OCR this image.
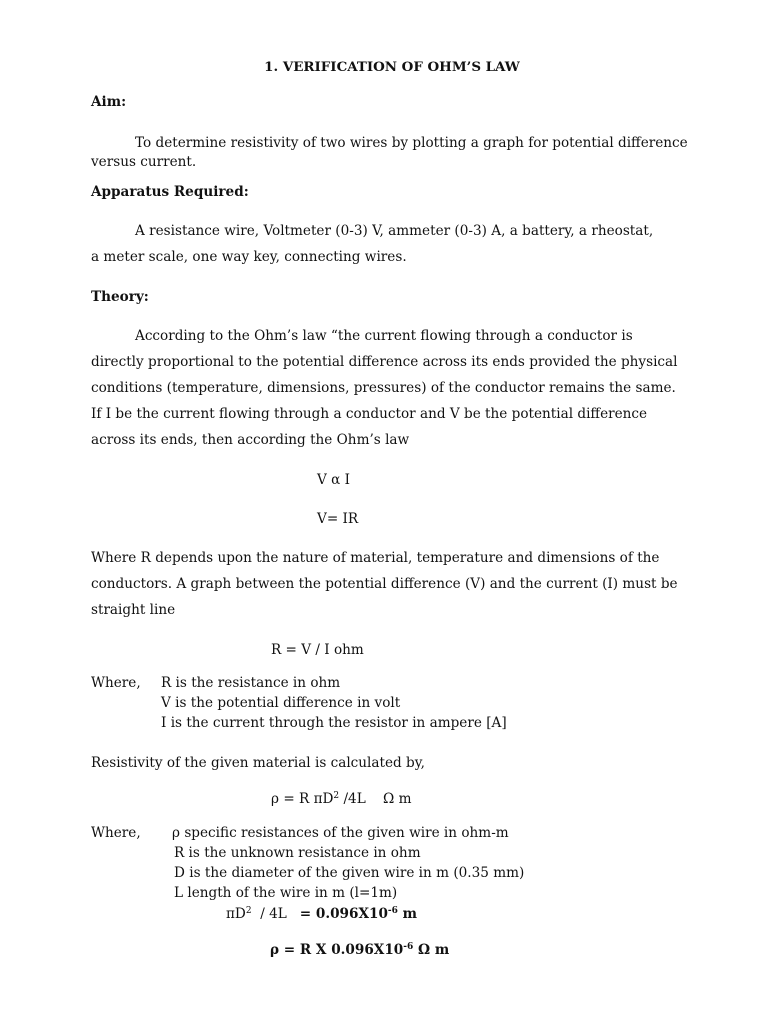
1. VERIFICATION OF OHM’S LAW
Aim:
To determine resistivity of two wires by plotting a graph for potential difference
versus current.
Apparatus Required:
A resistance wire, Voltmeter (0-3) V, ammeter (0-3) A, a battery, a rheostat,
a meter scale, one way key, connecting wires.
Theory:
According to the Ohm’s law “the current flowing through a conductor is
directly proportional to the potential difference across its ends provided the physical
conditions (temperature, dimensions, pressures) of the conductor remains the same.
If I be the current flowing through a conductor and V be the potential difference
across its ends, then according the Ohm’s law
V α I
V= IR
Where R depends upon the nature of material, temperature and dimensions of the
conductors. A graph between the potential difference (V) and the current (I) must be
straight line
R = V / I ohm
Where, R is the resistance in ohm
V is the potential difference in volt
I is the current through the resistor in ampere [A]
Resistivity of the given material is calculated by,
ρ = R $\pi D^2$ /4L    Ω m
Where, ρ specific resistances of the given wire in ohm-m
R is the unknown resistance in ohm
D is the diameter of the given wire in m (0.35 mm)
L length of the wire in m (l=1m)
$\pi D^2 / 4L = 0.096X10^{-6}$ m
ρ = R X $0.096X10^{-6}$ Ω m
